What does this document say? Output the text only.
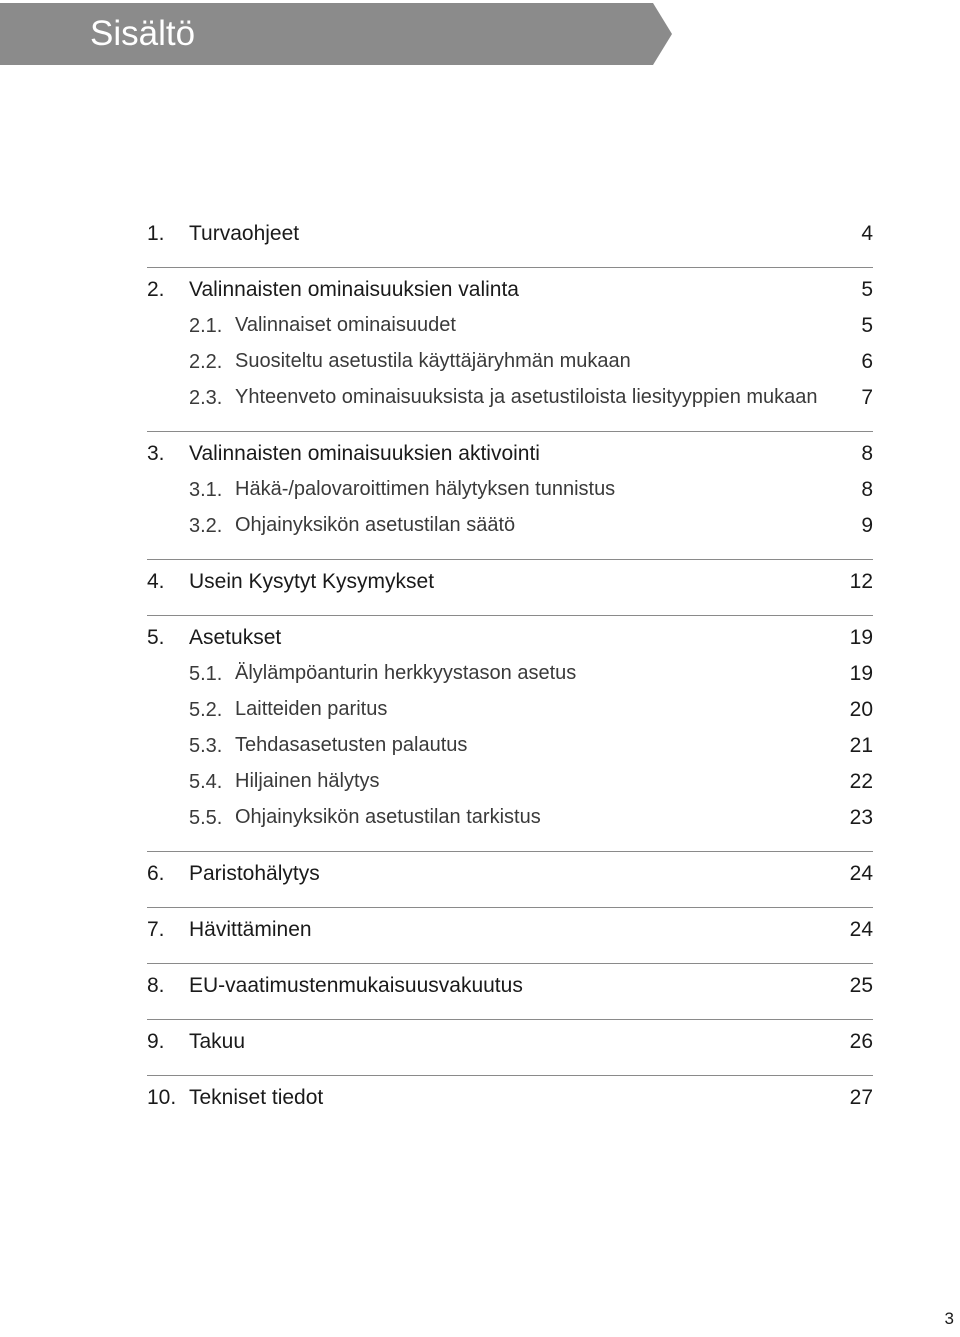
Sisältö
1.	Turvaohjeet	4
2.	Valinnaisten ominaisuuksien valinta	5
2.1. Valinnaiset ominaisuudet	5
2.2. Suositeltu asetustila käyttäjäryhmän mukaan	6
2.3. Yhteenveto ominaisuuksista ja asetustiloista liesityyppien mukaan	7
3.	Valinnaisten ominaisuuksien aktivointi	8
3.1. Häkä-/palovaroittimen hälytyksen tunnistus	8
3.2. Ohjainyksikön asetustilan säätö	9
4.	Usein Kysytyt Kysymykset	12
5.	Asetukset	19
5.1. Älylämpöanturin herkkyystason asetus	19
5.2. Laitteiden paritus	20
5.3. Tehdasasetusten palautus	21
5.4. Hiljainen hälytys	22
5.5. Ohjainyksikön asetustilan tarkistus	23
6.	Paristohälytys	24
7.	Hävittäminen	24
8.	EU-vaatimustenmukaisuusvakuutus	25
9.	Takuu	26
10. Tekniset tiedot	27
3
